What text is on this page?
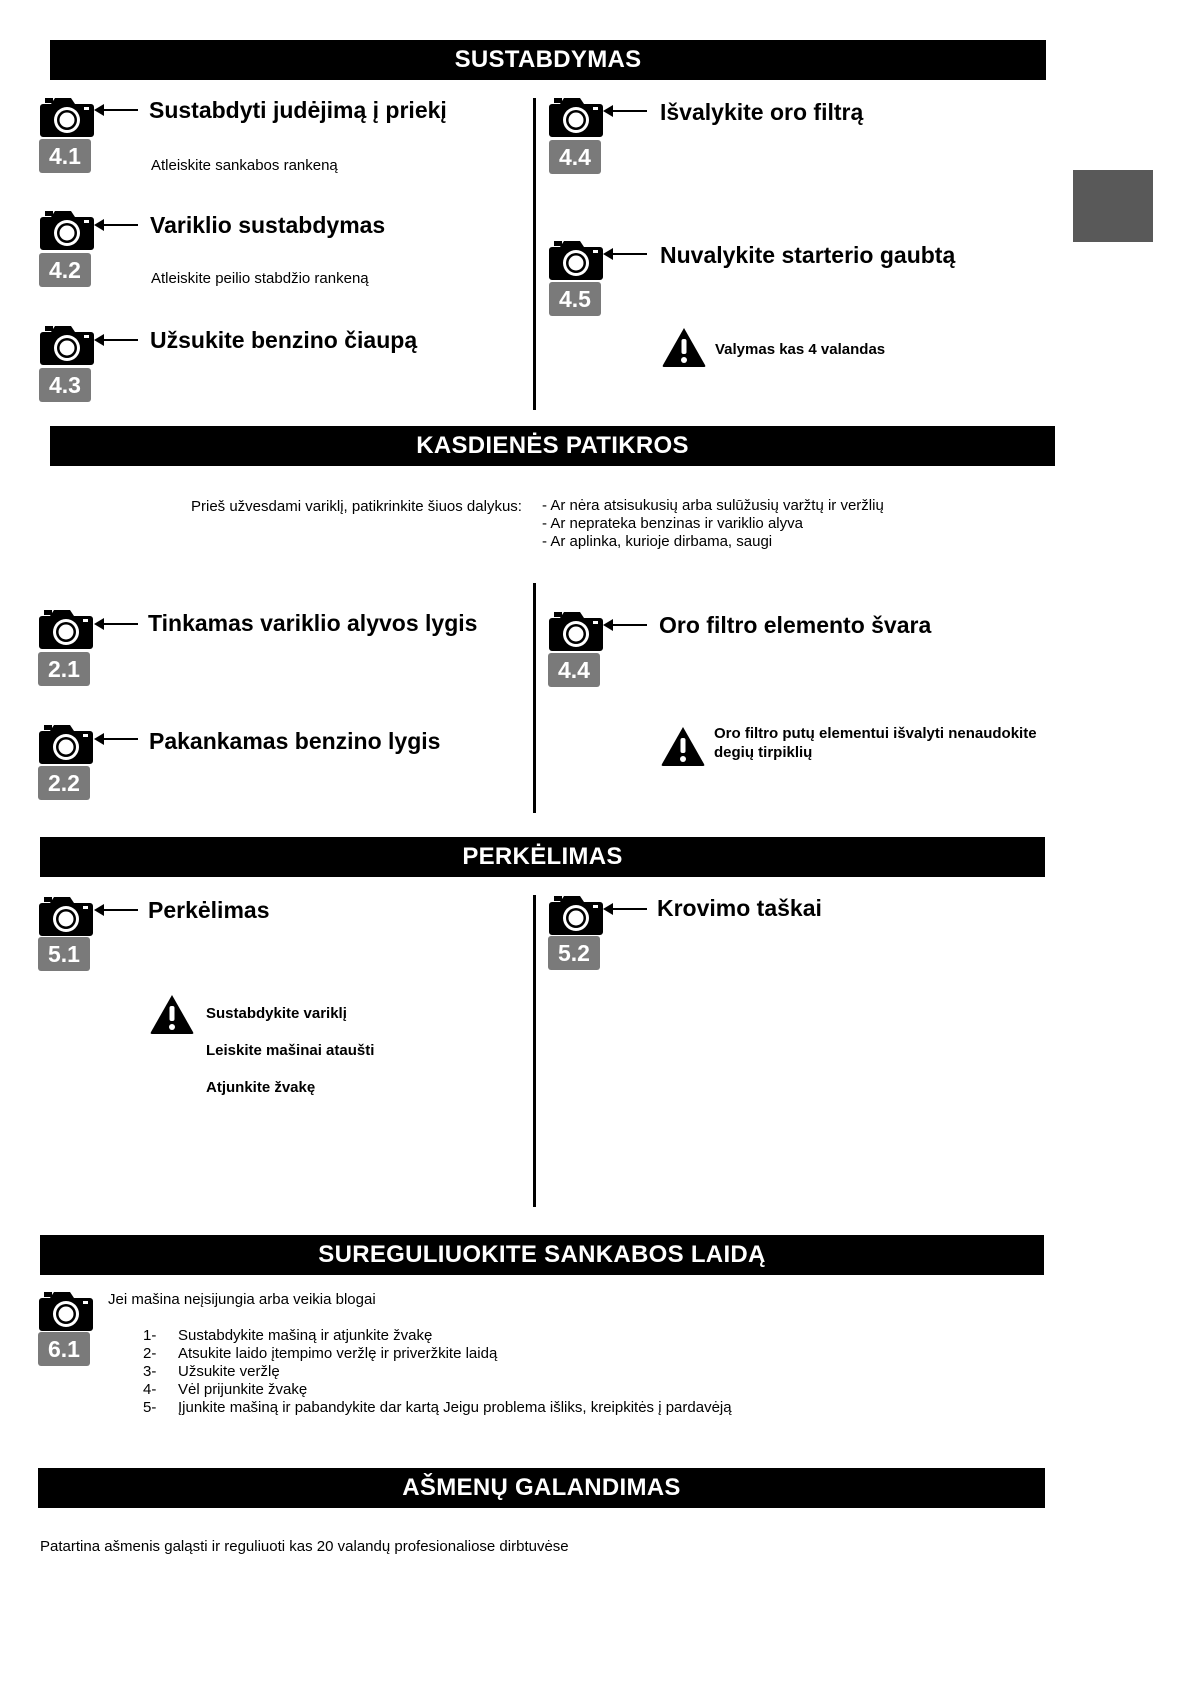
SUSTABDYMAS
4.1
Sustabdyti judėjimą į priekį
Atleiskite sankabos rankeną
4.2
Variklio sustabdymas
Atleiskite peilio stabdžio rankeną
4.3
Užsukite benzino čiaupą
4.4
Išvalykite oro filtrą
4.5
Nuvalykite starterio gaubtą
Valymas kas 4 valandas
KASDIENĖS PATIKROS
Prieš užvesdami variklį, patikrinkite šiuos dalykus: - Ar nėra atsisukusių arba sulūžusių varžtų ir veržlių
- Ar neprateka benzinas ir variklio alyva
- Ar aplinka, kurioje dirbama, saugi
2.1
Tinkamas variklio alyvos lygis
2.2
Pakankamas benzino lygis
4.4
Oro filtro elemento švara
Oro filtro putų elementui išvalyti nenaudokite
degių tirpiklių
PERKĖLIMAS
5.1
Perkėlimas
Sustabdykite variklį
Leiskite mašinai ataušti
Atjunkite žvakę
5.2
Krovimo taškai
SUREGULIUOKITE SANKABOS LAIDĄ
6.1
Jei mašina neįsijungia arba veikia blogai
1- Sustabdykite mašiną ir atjunkite žvakę
2- Atsukite laido įtempimo veržlę ir priveržkite laidą
3- Užsukite veržlę
4- Vėl prijunkite žvakę
5- Įjunkite mašiną ir pabandykite dar kartą Jeigu problema išliks, kreipkitės į pardavėją
AŠMENŲ GALANDIMAS
Patartina ašmenis galąsti ir reguliuoti kas 20 valandų profesionaliose dirbtuvėse
